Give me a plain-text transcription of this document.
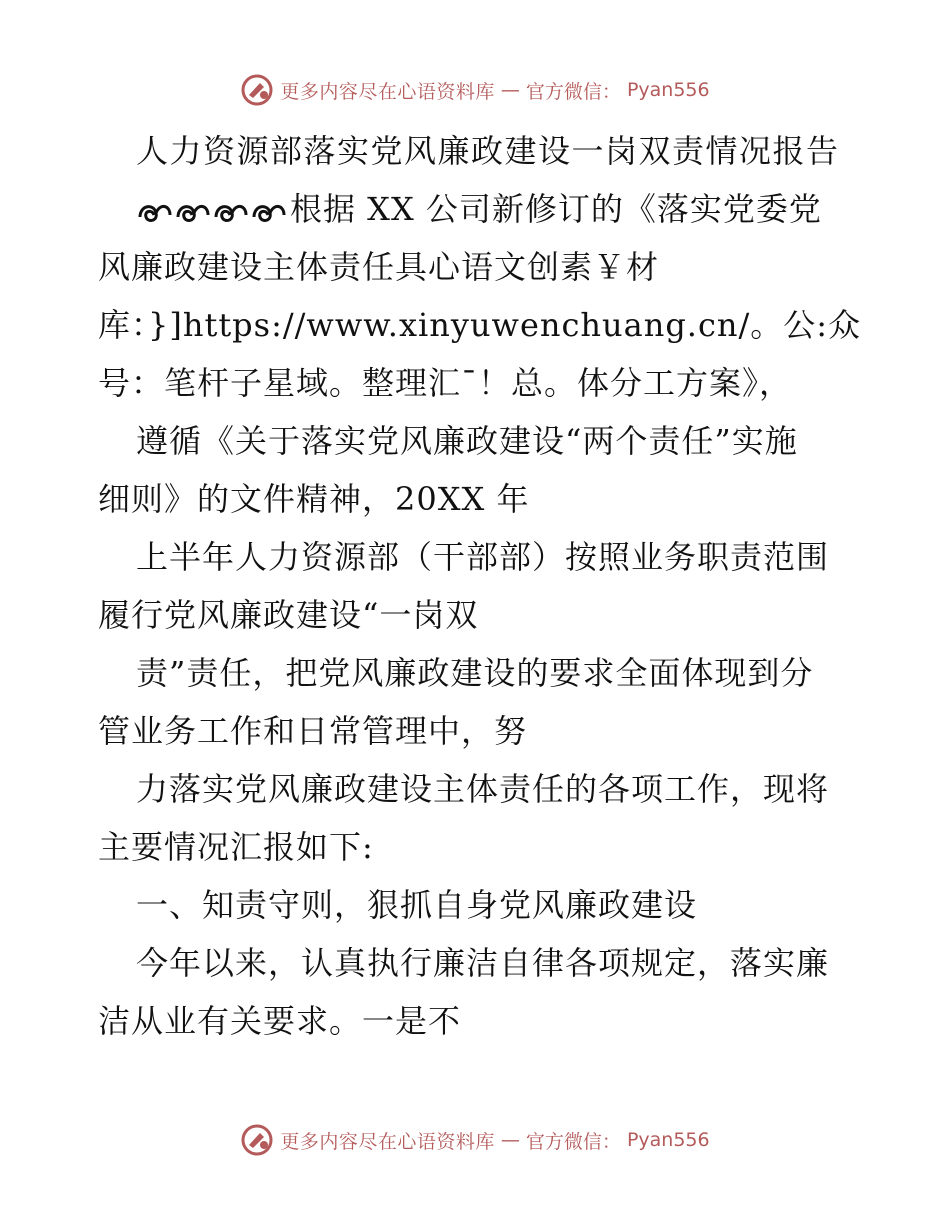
更多内容尽在心语资料库 — 官方微信： Pyan556
人力资源部落实党风廉政建设一岗双责情况报告
根据 XX 公司新修订的《落实党委党
风廉政建设主体责任具心语文创素￥材
库：}]https://www.xinyuwenchuang.cn/。公:众
号：笔杆子星域。整理汇¯！总。体分工方案》，
遵循《关于落实党风廉政建设“两个责任”实施
细则》的文件精神，20XX 年
上半年人力资源部（干部部）按照业务职责范围
履行党风廉政建设“一岗双
责”责任，把党风廉政建设的要求全面体现到分
管业务工作和日常管理中，努
力落实党风廉政建设主体责任的各项工作，现将
主要情况汇报如下:
一、知责守则，狠抓自身党风廉政建设
今年以来，认真执行廉洁自律各项规定，落实廉
洁从业有关要求。一是不
更多内容尽在心语资料库 — 官方微信： Pyan556
